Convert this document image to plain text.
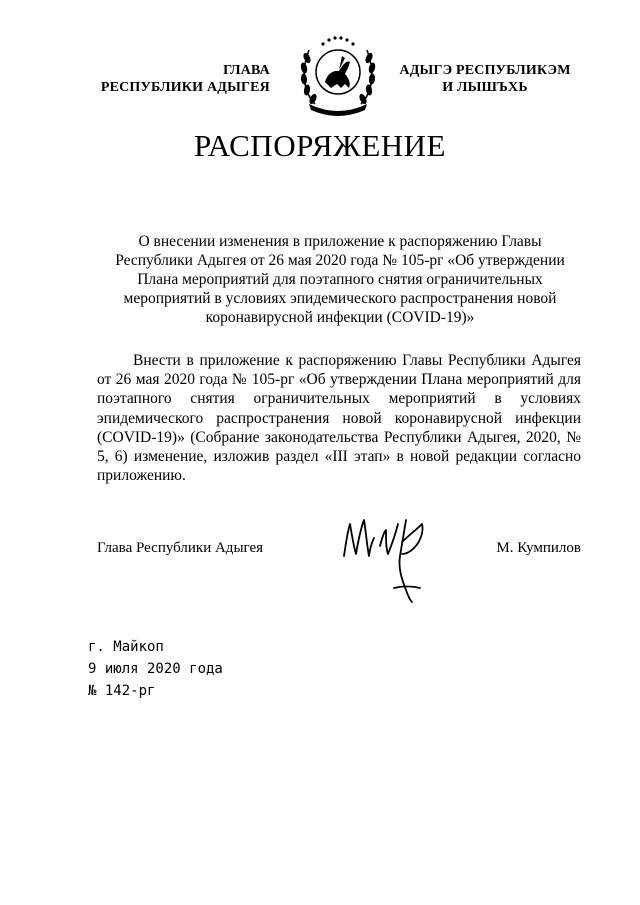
ГЛАВА
РЕСПУБЛИКИ АДЫГЕЯ
АДЫГЭ РЕСПУБЛИКЭМ
И ЛЫШЪХЬ
РАСПОРЯЖЕНИЕ
О внесении изменения в приложение к распоряжению Главы Республики Адыгея от 26 мая 2020 года № 105-рг «Об утверждении Плана мероприятий для поэтапного снятия ограничительных мероприятий в условиях эпидемического распространения новой коронавирусной инфекции (COVID-19)»
Внести в приложение к распоряжению Главы Республики Адыгея от 26 мая 2020 года № 105-рг «Об утверждении Плана мероприятий для поэтапного снятия ограничительных мероприятий в условиях эпидемического распространения новой коронавирусной инфекции (COVID-19)» (Собрание законодательства Республики Адыгея, 2020, № 5, 6) изменение, изложив раздел «III этап» в новой редакции согласно приложению.
Глава Республики Адыгея	М. Кумпилов
г. Майкоп
9 июля 2020 года
№ 142-рг
